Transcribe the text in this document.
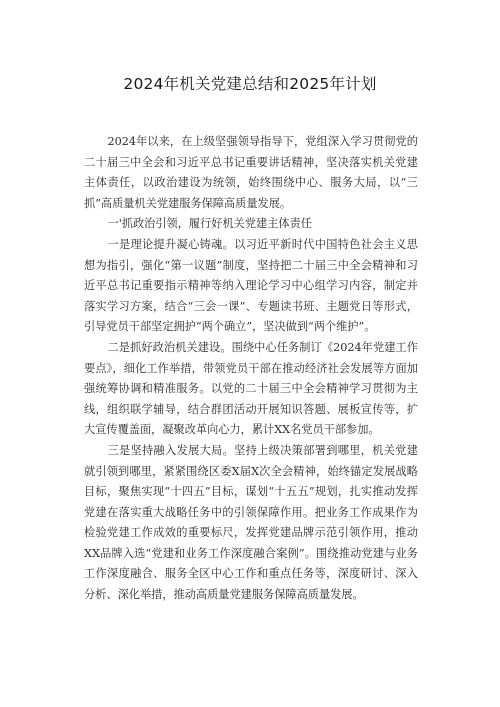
2024年机关党建总结和2025年计划

2024年以来，在上级坚强领导指导下，党组深入学习贯彻党的二十届三中全会和习近平总书记重要讲话精神，坚决落实机关党建主体责任，以政治建设为统领，始终围绕中心、服务大局，以“三抓”高质量机关党建服务保障高质量发展。

一'抓政治引领，履行好机关党建主体责任

一是理论提升凝心铸魂。以习近平新时代中国特色社会主义思想为指引，强化“第一议题”制度，坚持把二十届三中全会精神和习近平总书记重要指示精神等纳入理论学习中心组学习内容，制定并落实学习方案，结合“三会一课”、专题读书班、主题党日等形式，引导党员干部坚定拥护“两个确立”，坚决做到“两个维护”。

二是抓好政治机关建设。围绕中心任务制订《2024年党建工作要点》，细化工作举措，带领党员干部在推动经济社会发展等方面加强统筹协调和精准服务。以党的二十届三中全会精神学习贯彻为主线，组织联学辅导，结合群团活动开展知识答题、展板宣传等，扩大宣传覆盖面，凝聚改革向心力，累计XX名党员干部参加。

三是坚持融入发展大局。坚持上级决策部署到哪里，机关党建就引领到哪里，紧紧围绕区委X届X次全会精神，始终锚定发展战略目标，聚焦实现“十四五”目标，谋划“十五五”规划，扎实推动发挥党建在落实重大战略任务中的引领保障作用。把业务工作成果作为检验党建工作成效的重要标尺，发挥党建品牌示范引领作用，推动XX品牌入选“党建和业务工作深度融合案例”。围绕推动党建与业务工作深度融合、服务全区中心工作和重点任务等，深度研讨、深入分析、深化举措，推动高质量党建服务保障高质量发展。
